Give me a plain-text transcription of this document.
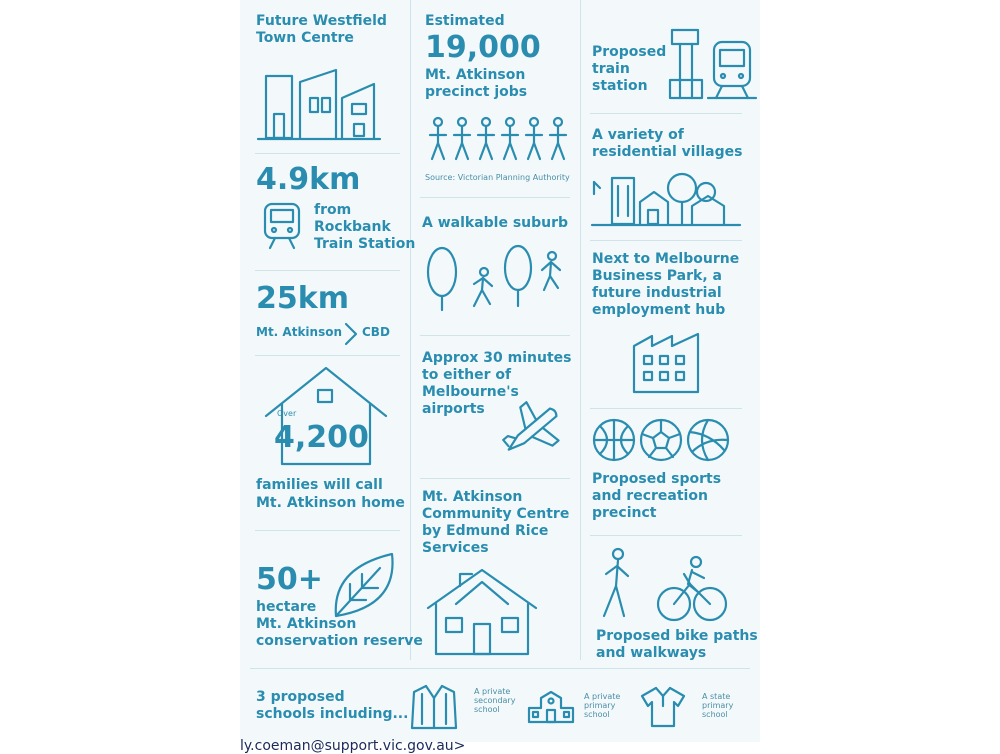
Future Westfield

Town Centre

Estimated

19,000

Mt. Atkinson

precinct jobs

Source: Victorian Planning Authority

Proposed

train

station

4.9km

from

Rockbank

Train Station

A variety of

residential villages

A walkable suburb

25km

Mt. Atkinson CBD

Next to Melbourne

Business Park, a

future industrial

employment hub

Approx 30 minutes

to either of

Melbourne's

airports

Over

4,200

families will call

Mt. Atkinson home

Proposed sports

and recreation

precinct

Mt. Atkinson

Community Centre

by Edmund Rice

Services

50+

hectare

Mt. Atkinson

conservation reserve	Proposed bike paths

and walkways

3 proposed

schools including...

A private

secondary

school

A private

primary

school

A state

primary

school

ly.coeman@support.vic.gov.au>
